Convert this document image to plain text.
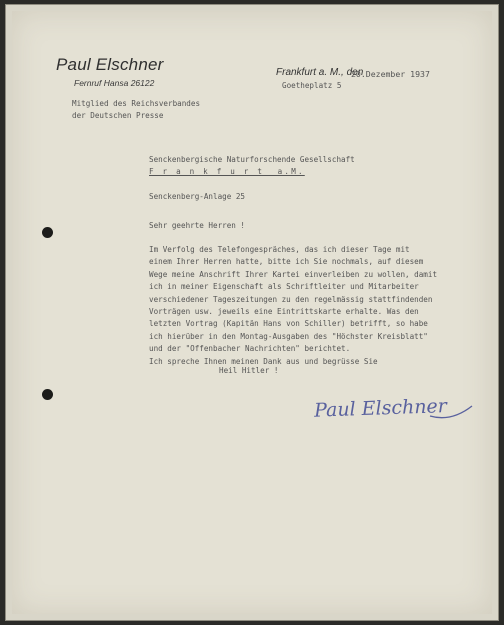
Paul Elschner
Fernruf Hansa 26122
Frankfurt a. M., den
20.Dezember 1937
Goetheplatz 5
Mitglied des Reichsverbandes
der Deutschen Presse
Senckenbergische Naturforschende Gesellschaft
F r a n k f u r t  a.M.

Senckenberg-Anlage 25
Sehr geehrte Herren !
Im Verfolg des Telefongespräches, das ich dieser Tage mit
einem Ihrer Herren hatte, bitte ich Sie nochmals, auf diesem
Wege meine Anschrift Ihrer Kartei einverleiben zu wollen, damit
ich in meiner Eigenschaft als Schriftleiter und Mitarbeiter
verschiedener Tageszeitungen zu den regelmässig stattfindenden
Vorträgen usw. jeweils eine Eintrittskarte erhalte. Was den
letzten Vortrag (Kapitän Hans von Schiller) betrifft, so habe
ich hierüber in den Montag-Ausgaben des "Höchster Kreisblatt"
und der "Offenbacher Nachrichten" berichtet.
Ich spreche Ihnen meinen Dank aus und begrüsse Sie
Heil Hitler !
Paul Elschner
